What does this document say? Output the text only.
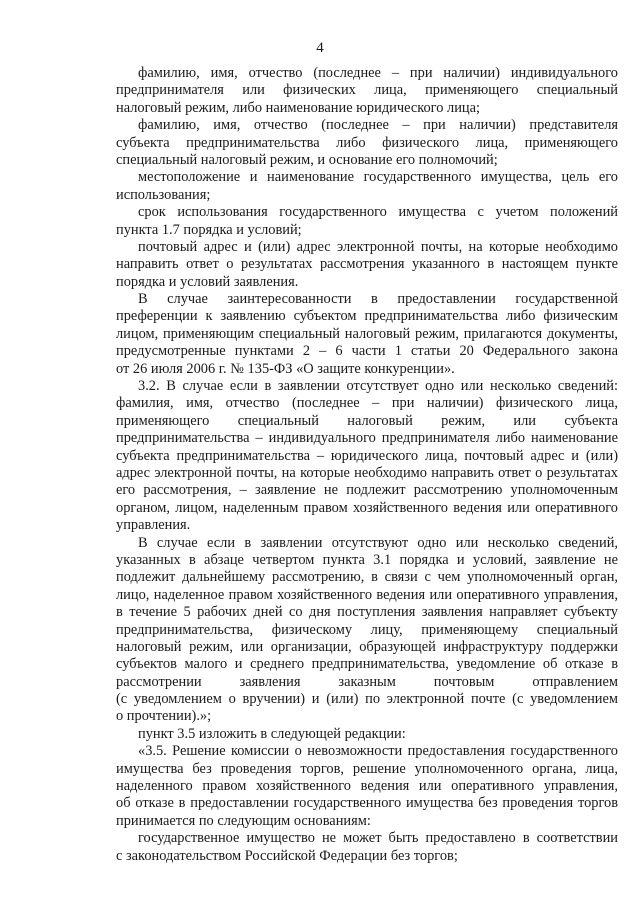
4
фамилию, имя, отчество (последнее – при наличии) индивидуального
предпринимателя или физических лица, применяющего специальный
налоговый режим, либо наименование юридического лица;
фамилию, имя, отчество (последнее – при наличии) представителя
субъекта предпринимательства либо физического лица, применяющего
специальный налоговый режим, и основание его полномочий;
местоположение и наименование государственного имущества, цель его
использования;
срок использования государственного имущества с учетом положений
пункта 1.7 порядка и условий;
почтовый адрес и (или) адрес электронной почты, на которые необходимо
направить ответ о результатах рассмотрения указанного в настоящем пункте
порядка и условий заявления.
В случае заинтересованности в предоставлении государственной
преференции к заявлению субъектом предпринимательства либо физическим
лицом, применяющим специальный налоговый режим, прилагаются документы,
предусмотренные пунктами 2 – 6 части 1 статьи 20 Федерального закона
от 26 июля 2006 г. № 135-ФЗ «О защите конкуренции».
3.2. В случае если в заявлении отсутствует одно или несколько сведений:
фамилия, имя, отчество (последнее – при наличии) физического лица,
применяющего специальный налоговый режим, или субъекта
предпринимательства – индивидуального предпринимателя либо наименование
субъекта предпринимательства – юридического лица, почтовый адрес и (или)
адрес электронной почты, на которые необходимо направить ответ о результатах
его рассмотрения, – заявление не подлежит рассмотрению уполномоченным
органом, лицом, наделенным правом хозяйственного ведения или оперативного
управления.
В случае если в заявлении отсутствуют одно или несколько сведений,
указанных в абзаце четвертом пункта 3.1 порядка и условий, заявление не
подлежит дальнейшему рассмотрению, в связи с чем уполномоченный орган,
лицо, наделенное правом хозяйственного ведения или оперативного управления,
в течение 5 рабочих дней со дня поступления заявления направляет субъекту
предпринимательства, физическому лицу, применяющему специальный
налоговый режим, или организации, образующей инфраструктуру поддержки
субъектов малого и среднего предпринимательства, уведомление об отказе в
рассмотрении заявления заказным почтовым отправлением
(с уведомлением о вручении) и (или) по электронной почте (с уведомлением
о прочтении).»;
пункт 3.5 изложить в следующей редакции:
«3.5. Решение комиссии о невозможности предоставления государственного
имущества без проведения торгов, решение уполномоченного органа, лица,
наделенного правом хозяйственного ведения или оперативного управления,
об отказе в предоставлении государственного имущества без проведения торгов
принимается по следующим основаниям:
государственное имущество не может быть предоставлено в соответствии
с законодательством Российской Федерации без торгов;
